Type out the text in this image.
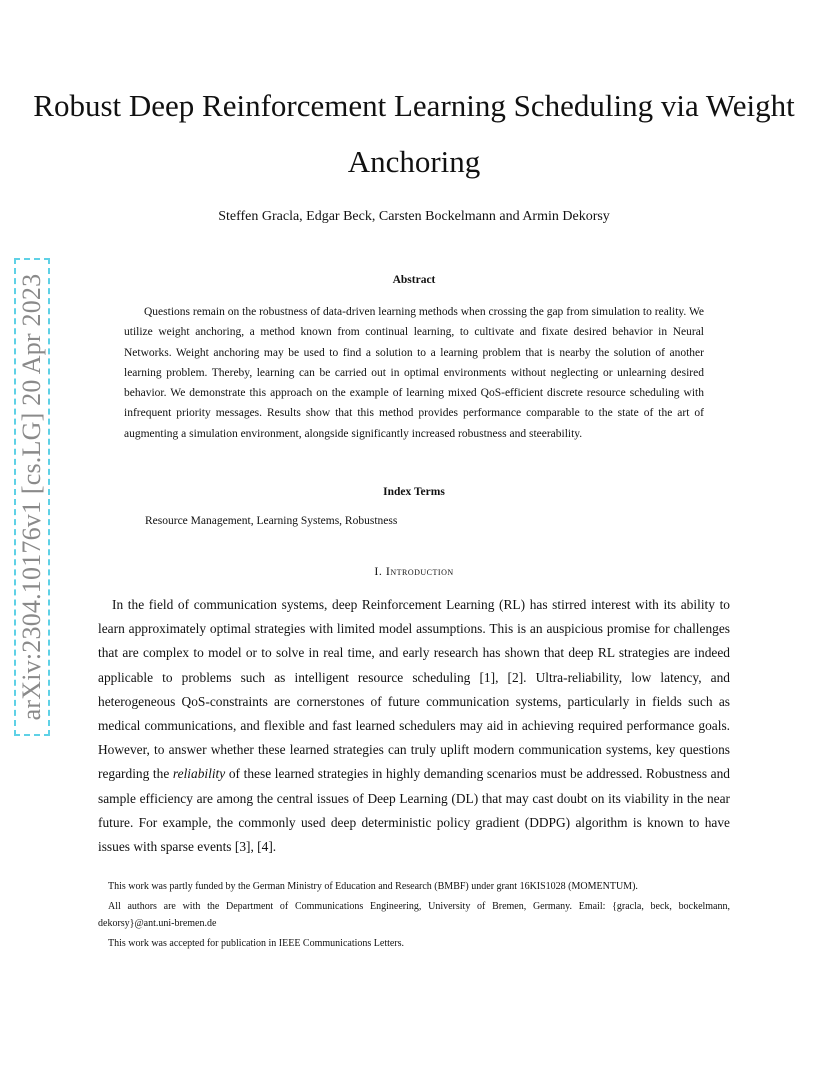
arXiv:2304.10176v1 [cs.LG] 20 Apr 2023
Robust Deep Reinforcement Learning Scheduling via Weight Anchoring
Steffen Gracla, Edgar Beck, Carsten Bockelmann and Armin Dekorsy
Abstract

Questions remain on the robustness of data-driven learning methods when crossing the gap from simulation to reality. We utilize weight anchoring, a method known from continual learning, to cultivate and fixate desired behavior in Neural Networks. Weight anchoring may be used to find a solution to a learning problem that is nearby the solution of another learning problem. Thereby, learning can be carried out in optimal environments without neglecting or unlearning desired behavior. We demonstrate this approach on the example of learning mixed QoS-efficient discrete resource scheduling with infrequent priority messages. Results show that this method provides performance comparable to the state of the art of augmenting a simulation environment, alongside significantly increased robustness and steerability.

Index Terms
Resource Management, Learning Systems, Robustness
I. Introduction

In the field of communication systems, deep Reinforcement Learning (RL) has stirred interest with its ability to learn approximately optimal strategies with limited model assumptions. This is an auspicious promise for challenges that are complex to model or to solve in real time, and early research has shown that deep RL strategies are indeed applicable to problems such as intelligent resource scheduling [1], [2]. Ultra-reliability, low latency, and heterogeneous QoS-constraints are cornerstones of future communication systems, particularly in fields such as medical communications, and flexible and fast learned schedulers may aid in achieving required performance goals. However, to answer whether these learned strategies can truly uplift modern communication systems, key questions regarding the reliability of these learned strategies in highly demanding scenarios must be addressed. Robustness and sample efficiency are among the central issues of Deep Learning (DL) that may cast doubt on its viability in the near future. For example, the commonly used deep deterministic policy gradient (DDPG) algorithm is known to have issues with sparse events [3], [4].

This work was partly funded by the German Ministry of Education and Research (BMBF) under grant 16KIS1028 (MOMENTUM).

All authors are with the Department of Communications Engineering, University of Bremen, Germany. Email: {gracla, beck, bockelmann, dekorsy}@ant.uni-bremen.de

This work was accepted for publication in IEEE Communications Letters.
